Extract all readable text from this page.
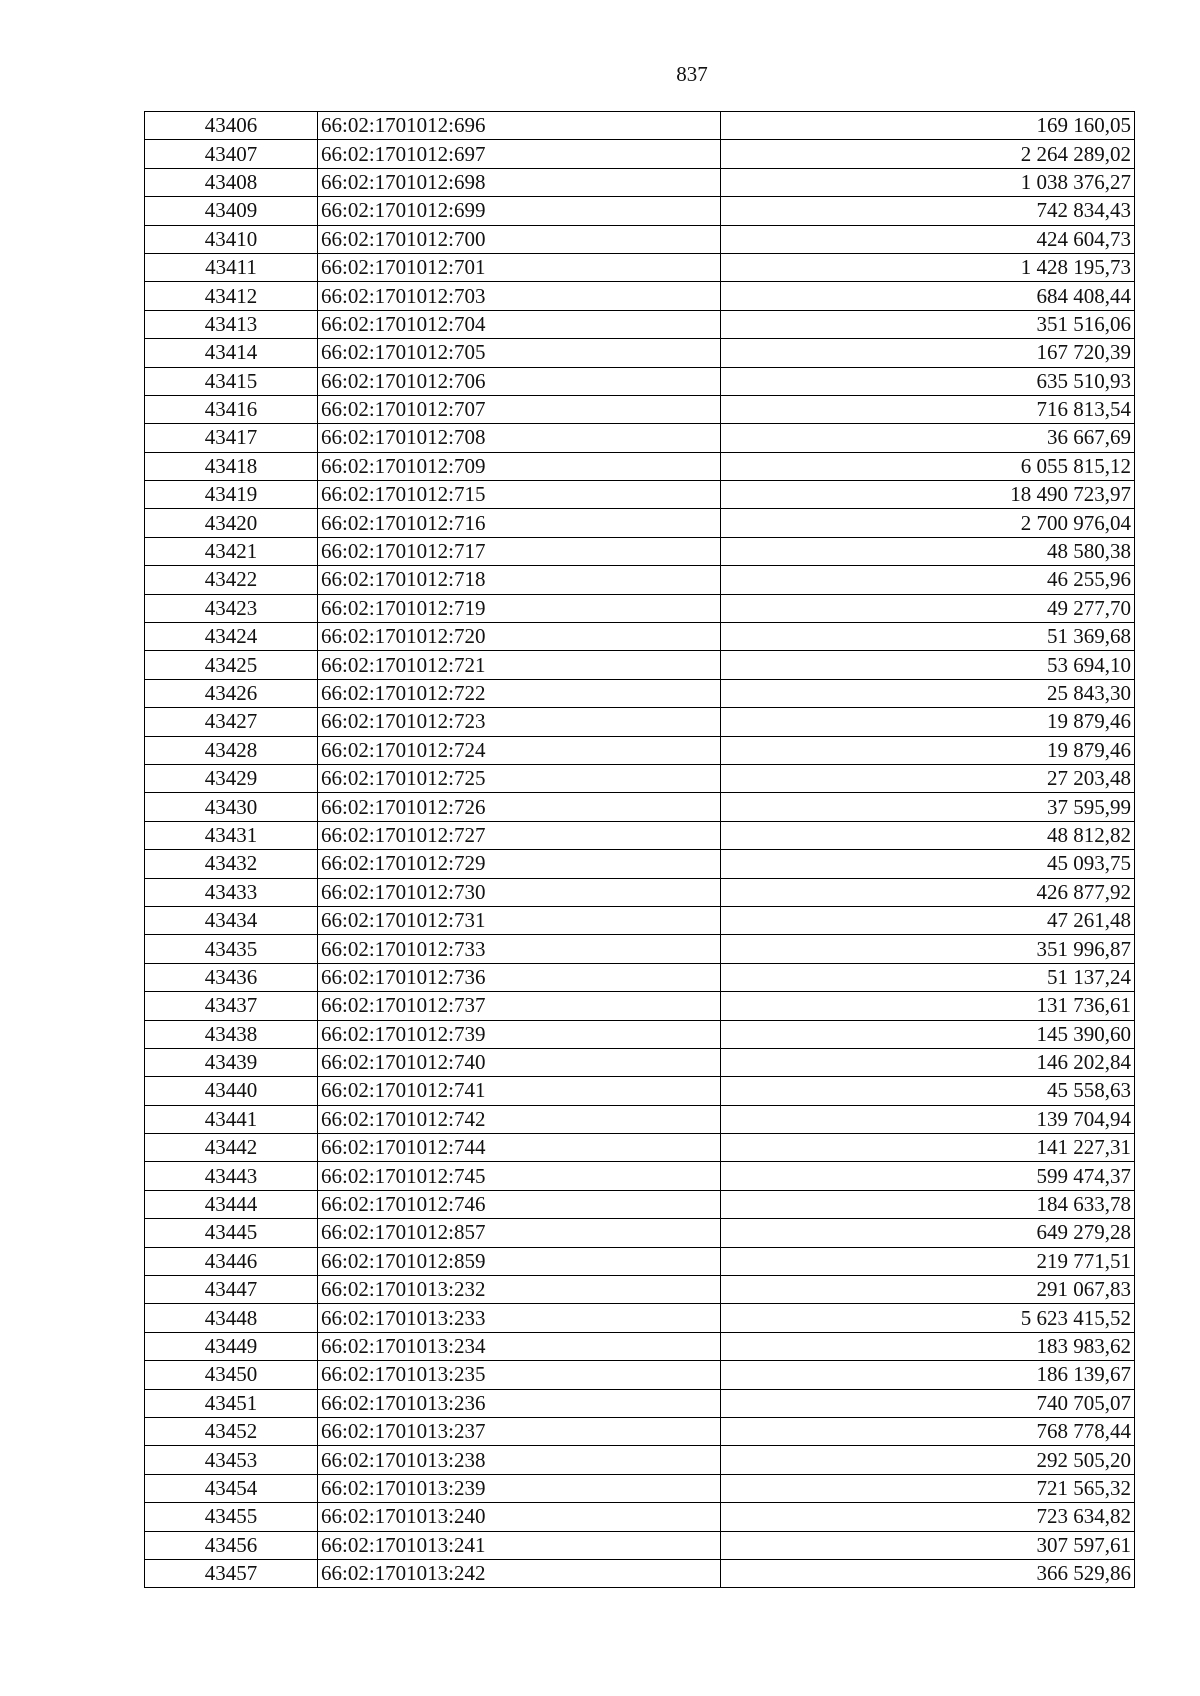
837
43406	66:02:1701012:696	169 160,05
43407	66:02:1701012:697	2 264 289,02
43408	66:02:1701012:698	1 038 376,27
43409	66:02:1701012:699	742 834,43
43410	66:02:1701012:700	424 604,73
43411	66:02:1701012:701	1 428 195,73
43412	66:02:1701012:703	684 408,44
43413	66:02:1701012:704	351 516,06
43414	66:02:1701012:705	167 720,39
43415	66:02:1701012:706	635 510,93
43416	66:02:1701012:707	716 813,54
43417	66:02:1701012:708	36 667,69
43418	66:02:1701012:709	6 055 815,12
43419	66:02:1701012:715	18 490 723,97
43420	66:02:1701012:716	2 700 976,04
43421	66:02:1701012:717	48 580,38
43422	66:02:1701012:718	46 255,96
43423	66:02:1701012:719	49 277,70
43424	66:02:1701012:720	51 369,68
43425	66:02:1701012:721	53 694,10
43426	66:02:1701012:722	25 843,30
43427	66:02:1701012:723	19 879,46
43428	66:02:1701012:724	19 879,46
43429	66:02:1701012:725	27 203,48
43430	66:02:1701012:726	37 595,99
43431	66:02:1701012:727	48 812,82
43432	66:02:1701012:729	45 093,75
43433	66:02:1701012:730	426 877,92
43434	66:02:1701012:731	47 261,48
43435	66:02:1701012:733	351 996,87
43436	66:02:1701012:736	51 137,24
43437	66:02:1701012:737	131 736,61
43438	66:02:1701012:739	145 390,60
43439	66:02:1701012:740	146 202,84
43440	66:02:1701012:741	45 558,63
43441	66:02:1701012:742	139 704,94
43442	66:02:1701012:744	141 227,31
43443	66:02:1701012:745	599 474,37
43444	66:02:1701012:746	184 633,78
43445	66:02:1701012:857	649 279,28
43446	66:02:1701012:859	219 771,51
43447	66:02:1701013:232	291 067,83
43448	66:02:1701013:233	5 623 415,52
43449	66:02:1701013:234	183 983,62
43450	66:02:1701013:235	186 139,67
43451	66:02:1701013:236	740 705,07
43452	66:02:1701013:237	768 778,44
43453	66:02:1701013:238	292 505,20
43454	66:02:1701013:239	721 565,32
43455	66:02:1701013:240	723 634,82
43456	66:02:1701013:241	307 597,61
43457	66:02:1701013:242	366 529,86
